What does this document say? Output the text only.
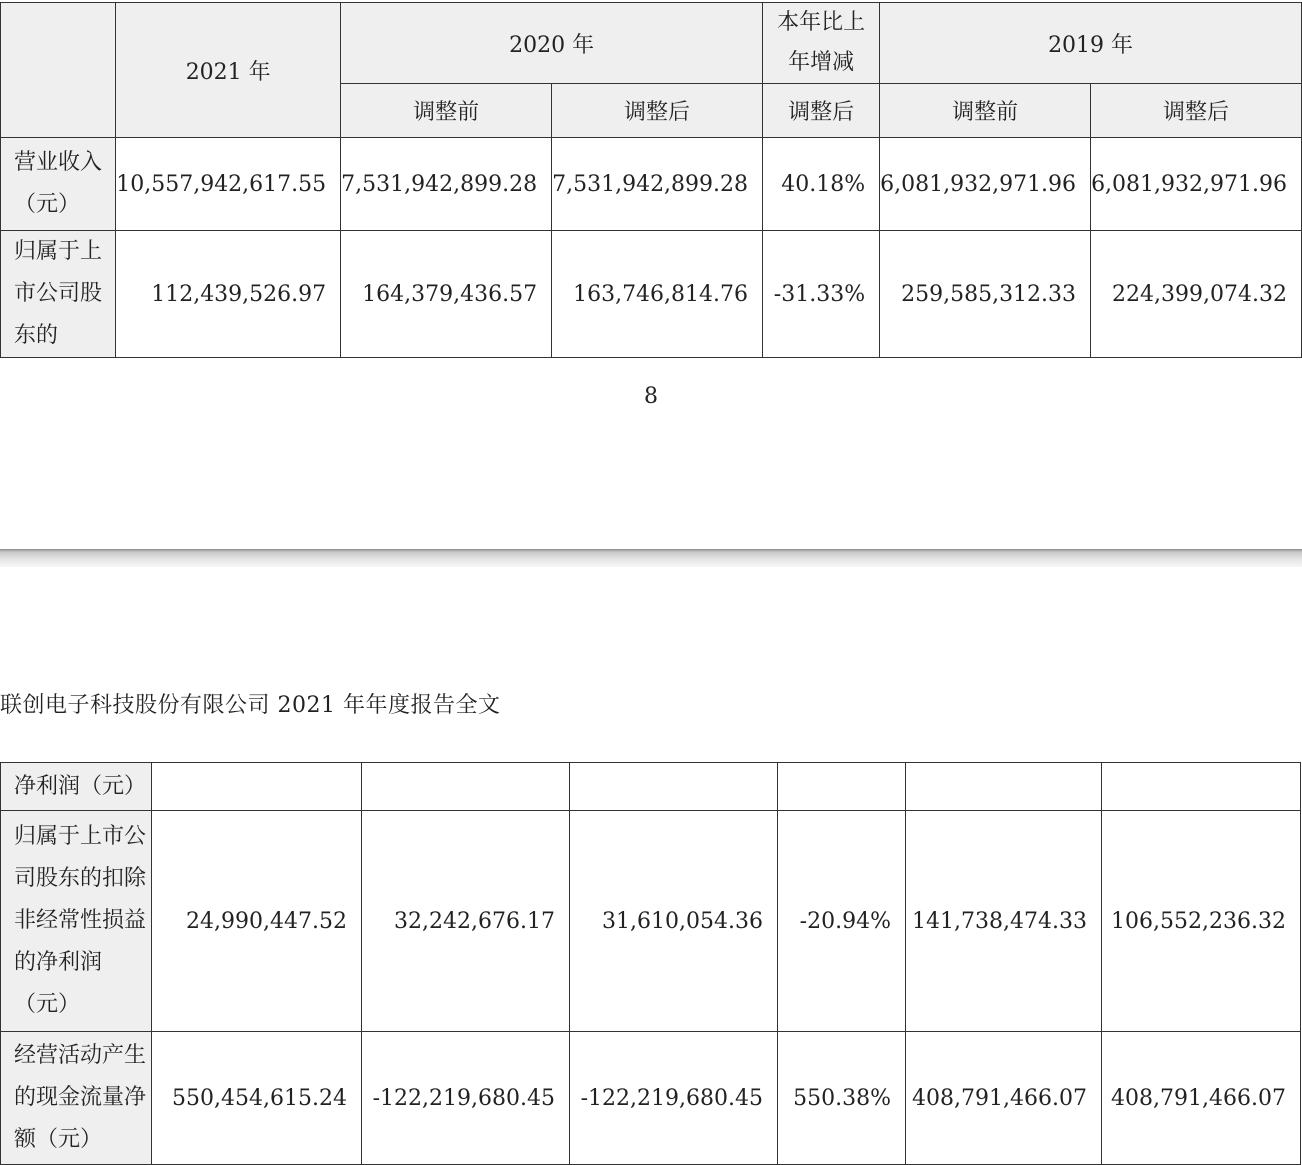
	2021 年	2020 年		本年比上年增减	2019 年	
		调整前	调整后	调整后	调整前	调整后
营业收入（元）	10,557,942,617.55	7,531,942,899.28	7,531,942,899.28	40.18%	6,081,932,971.96	6,081,932,971.96
归属于上市公司股东的	112,439,526.97	164,379,436.57	163,746,814.76	-31.33%	259,585,312.33	224,399,074.32
8
联创电子科技股份有限公司 2021 年年度报告全文
净利润（元）						
归属于上市公司股东的扣除非经常性损益的净利润（元）	24,990,447.52	32,242,676.17	31,610,054.36	-20.94%	141,738,474.33	106,552,236.32
经营活动产生的现金流量净额（元）	550,454,615.24	-122,219,680.45	-122,219,680.45	550.38%	408,791,466.07	408,791,466.07
